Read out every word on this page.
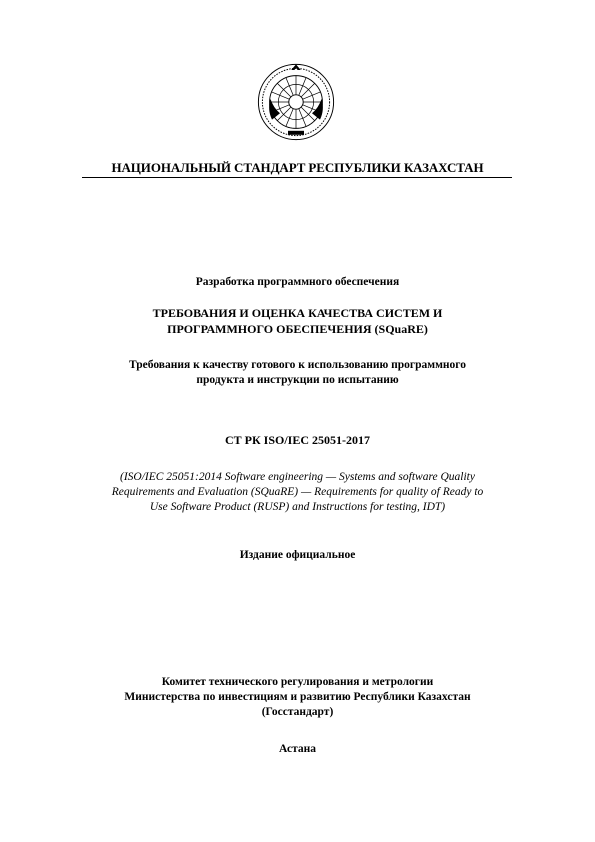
НАЦИОНАЛЬНЫЙ СТАНДАРТ РЕСПУБЛИКИ КАЗАХСТАН

Разработка программного обеспечения

ТРЕБОВАНИЯ И ОЦЕНКА КАЧЕСТВА СИСТЕМ И
ПРОГРАММНОГО ОБЕСПЕЧЕНИЯ (SQuaRE)
Требования к качеству готового к использованию программного
продукта и инструкции по испытанию

СТ РК ISO/IEC 25051-2017

(ISO/IEC 25051:2014 Software engineering — Systems and software Quality
Requirements and Evaluation (SQuaRE) — Requirements for quality of Ready to
Use Software Product (RUSP) and Instructions for testing, IDT)

Издание официальное

Комитет технического регулирования и метрологии
Министерства по инвестициям и развитию Республики Казахстан
(Госстандарт)

Астана
